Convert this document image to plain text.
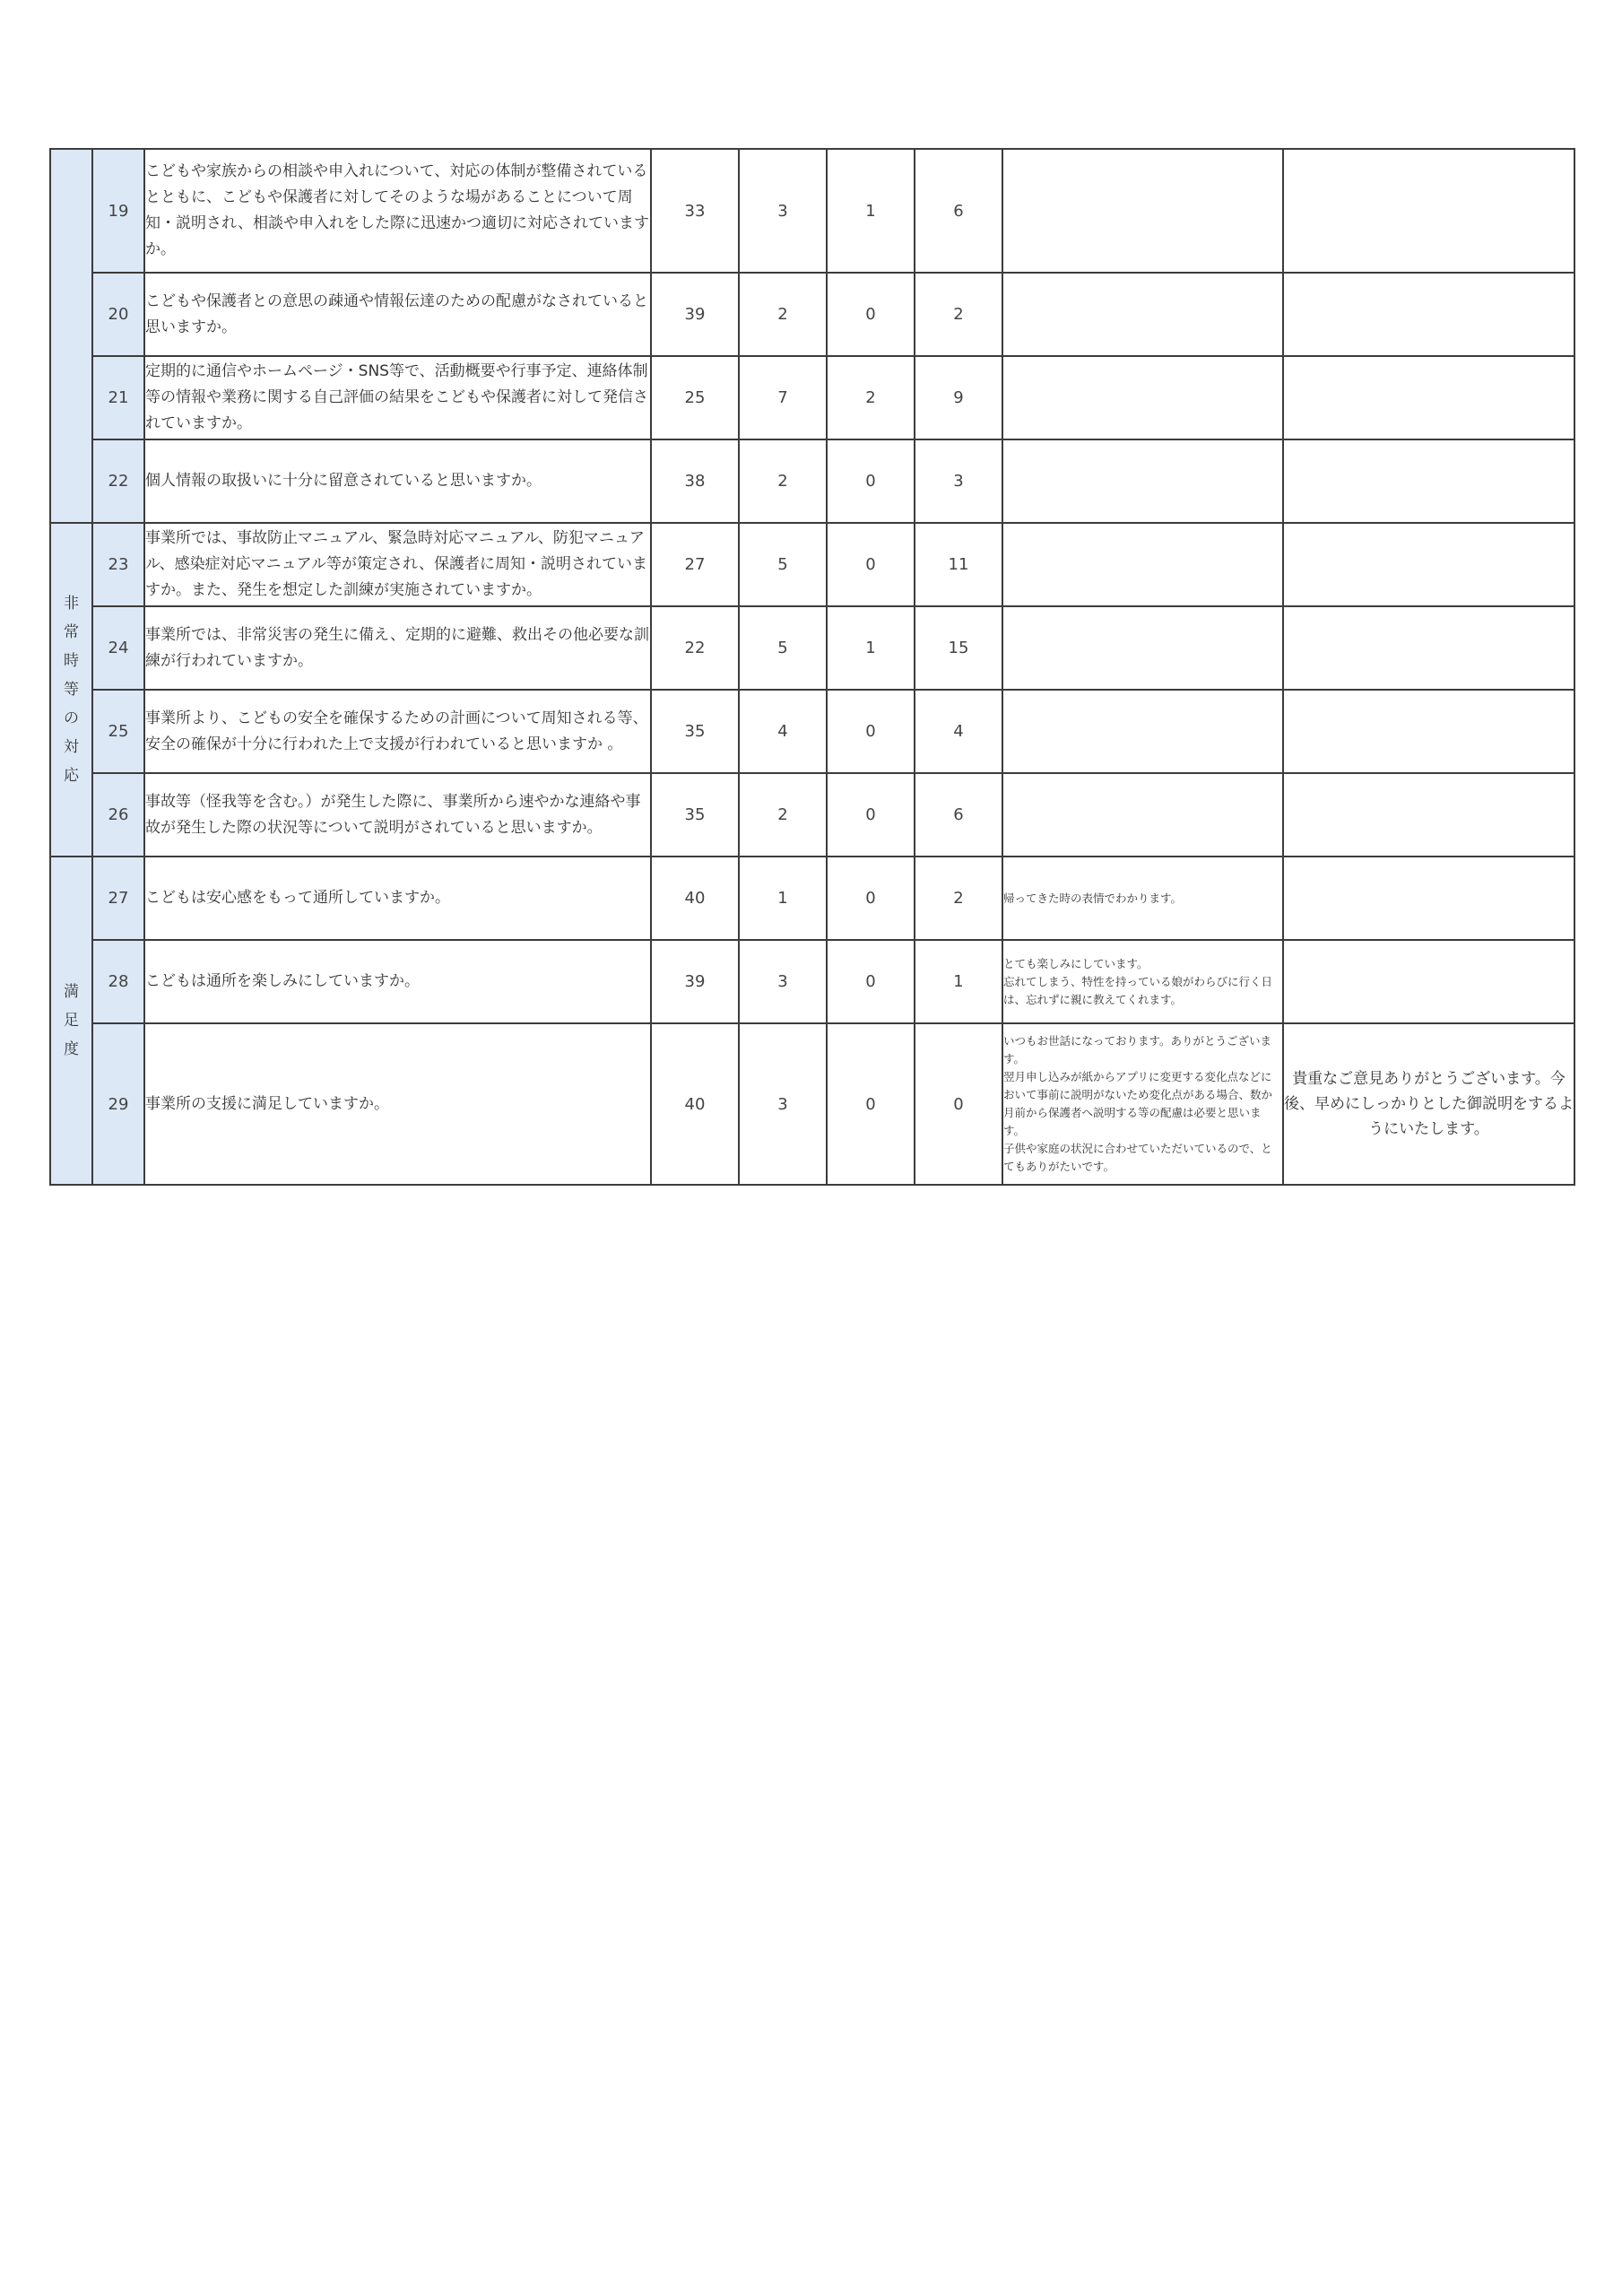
	19	こどもや家族からの相談や申入れについて、対応の体制が整備されているとともに、こどもや保護者に対してそのような場があることについて周知・説明され、相談や申入れをした際に迅速かつ適切に対応されていますか。	33	3	1	6		
	20	こどもや保護者との意思の疎通や情報伝達のための配慮がなされていると思いますか。	39	2	0	2		
	21	定期的に通信やホームページ・SNS等で、活動概要や行事予定、連絡体制等の情報や業務に関する自己評価の結果をこどもや保護者に対して発信されていますか。	25	7	2	9		
	22	個人情報の取扱いに十分に留意されていると思いますか。	38	2	0	3		
非常時等の対応	23	事業所では、事故防止マニュアル、緊急時対応マニュアル、防犯マニュアル、感染症対応マニュアル等が策定され、保護者に周知・説明されていますか。また、発生を想定した訓練が実施されていますか。	27	5	0	11		
	24	事業所では、非常災害の発生に備え、定期的に避難、救出その他必要な訓練が行われていますか。	22	5	1	15		
	25	事業所より、こどもの安全を確保するための計画について周知される等、安全の確保が十分に行われた上で支援が行われていると思いますか 。	35	4	0	4		
	26	事故等（怪我等を含む。）が発生した際に、事業所から速やかな連絡や事故が発生した際の状況等について説明がされていると思いますか。	35	2	0	6		
満足度	27	こどもは安心感をもって通所していますか。	40	1	0	2	帰ってきた時の表情でわかります。	
	28	こどもは通所を楽しみにしていますか。	39	3	0	1	とても楽しみにしています。
忘れてしまう、特性を持っている娘がわらびに行く日は、忘れずに親に教えてくれます。	
	29	事業所の支援に満足していますか。	40	3	0	0	いつもお世話になっております。ありがとうございます。
翌月申し込みが紙からアプリに変更する変化点などにおいて事前に説明がないため変化点がある場合、数か月前から保護者へ説明する等の配慮は必要と思います。
子供や家庭の状況に合わせていただいているので、とてもありがたいです。	貴重なご意見ありがとうございます。今後、早めにしっかりとした御説明をするようにいたします。
